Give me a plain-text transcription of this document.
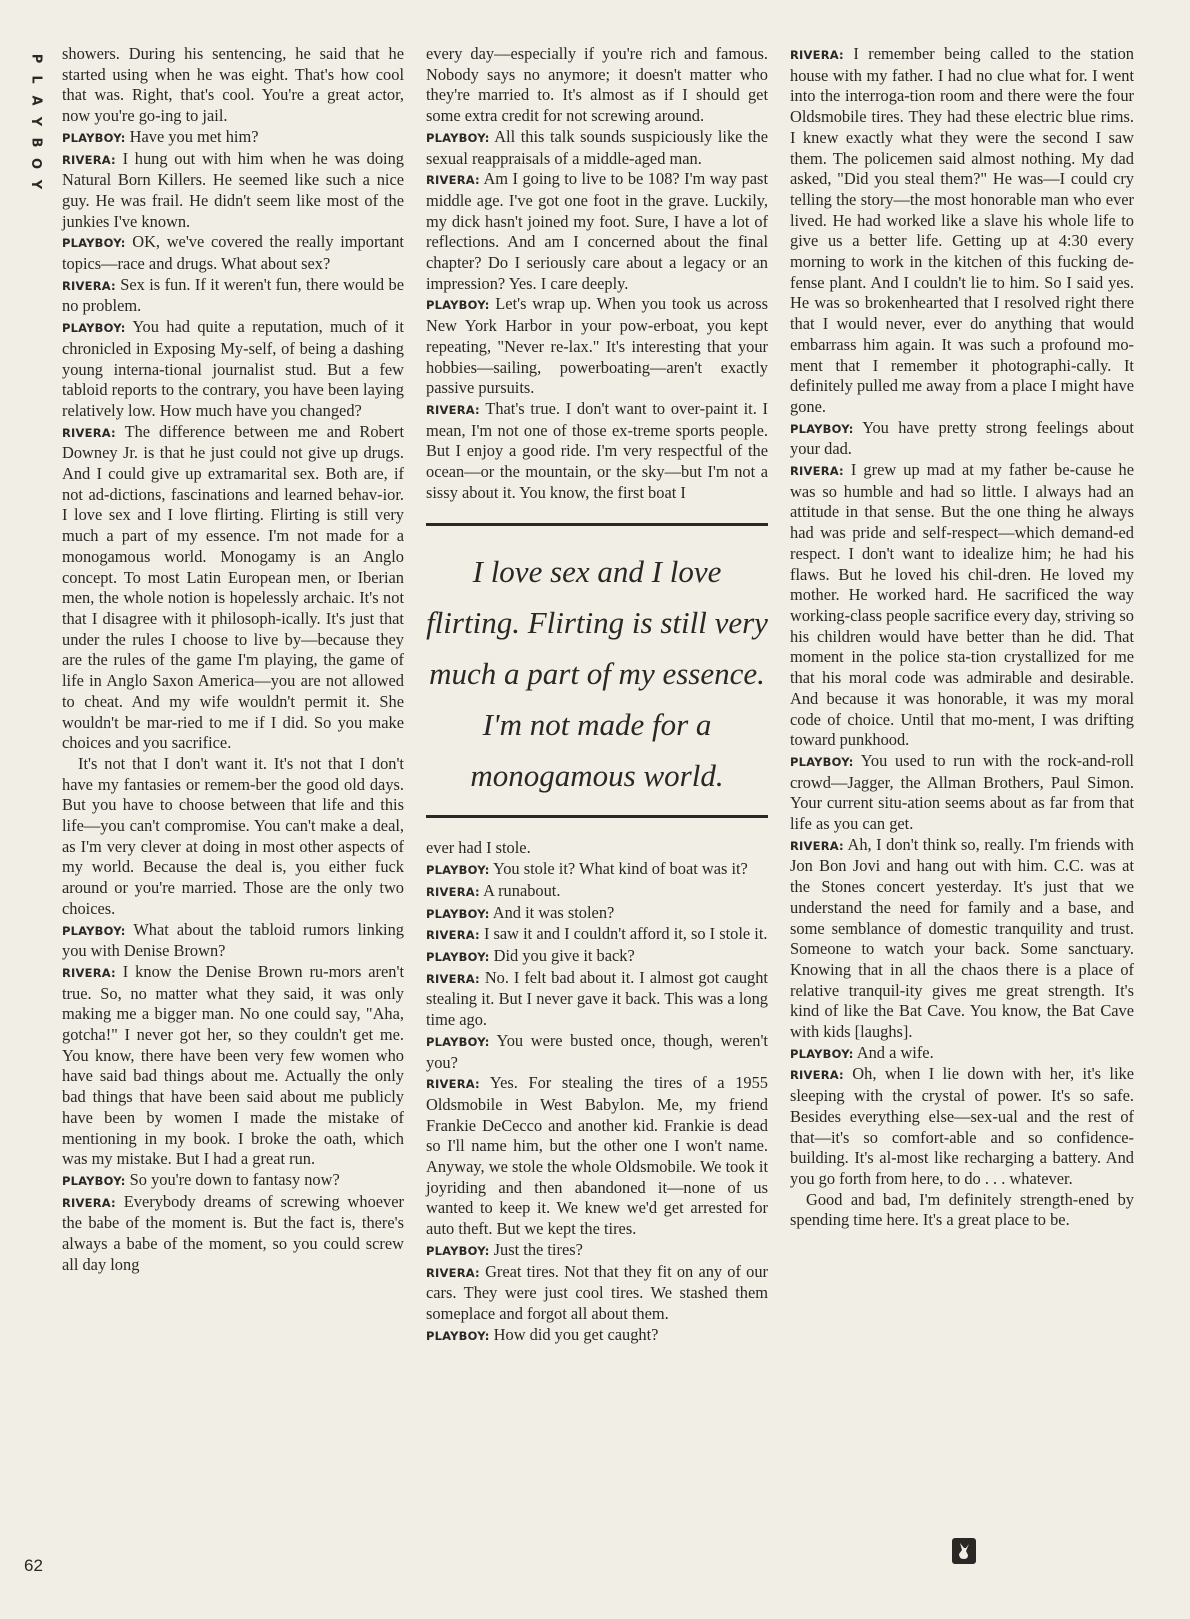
P
L
A
Y
B
O
Y

showers. During his sentencing, he said that he started using when he was eight. That's how cool that was. Right, that's cool. You're a great actor, now you're go-ing to jail.

PLAYBOY: Have you met him?

RIVERA: I hung out with him when he was doing Natural Born Killers. He seemed like such a nice guy. He was frail. He didn't seem like most of the junkies I've known.

PLAYBOY: OK, we've covered the really important topics—race and drugs. What about sex?

RIVERA: Sex is fun. If it weren't fun, there would be no problem.

PLAYBOY: You had quite a reputation, much of it chronicled in Exposing My-self, of being a dashing young interna-tional journalist stud. But a few tabloid reports to the contrary, you have been laying relatively low. How much have you changed?

RIVERA: The difference between me and Robert Downey Jr. is that he just could not give up drugs. And I could give up extramarital sex. Both are, if not ad-dictions, fascinations and learned behav-ior. I love sex and I love flirting. Flirting is still very much a part of my essence. I'm not made for a monogamous world. Monogamy is an Anglo concept. To most Latin European men, or Iberian men, the whole notion is hopelessly archaic. It's not that I disagree with it philosoph-ically. It's just that under the rules I choose to live by—because they are the rules of the game I'm playing, the game of life in Anglo Saxon America—you are not allowed to cheat. And my wife wouldn't permit it. She wouldn't be mar-ried to me if I did. So you make choices and you sacrifice.

It's not that I don't want it. It's not that I don't have my fantasies or remem-ber the good old days. But you have to choose between that life and this life—you can't compromise. You can't make a deal, as I'm very clever at doing in most other aspects of my world. Because the deal is, you either fuck around or you're married. Those are the only two choices.

PLAYBOY: What about the tabloid rumors linking you with Denise Brown?

RIVERA: I know the Denise Brown ru-mors aren't true. So, no matter what they said, it was only making me a bigger man. No one could say, "Aha, gotcha!" I never got her, so they couldn't get me. You know, there have been very few women who have said bad things about me. Actually the only bad things that have been said about me publicly have been by women I made the mistake of mentioning in my book. I broke the oath, which was my mistake. But I had a great run.

PLAYBOY: So you're down to fantasy now?

RIVERA: Everybody dreams of screwing whoever the babe of the moment is. But the fact is, there's always a babe of the moment, so you could screw all day long

every day—especially if you're rich and famous. Nobody says no anymore; it doesn't matter who they're married to. It's almost as if I should get some extra credit for not screwing around.

PLAYBOY: All this talk sounds suspiciously like the sexual reappraisals of a middle-aged man.

RIVERA: Am I going to live to be 108? I'm way past middle age. I've got one foot in the grave. Luckily, my dick hasn't joined my foot. Sure, I have a lot of reflections. And am I concerned about the final chapter? Do I seriously care about a legacy or an impression? Yes. I care deeply.

PLAYBOY: Let's wrap up. When you took us across New York Harbor in your pow-erboat, you kept repeating, "Never re-lax." It's interesting that your hobbies—sailing, powerboating—aren't exactly passive pursuits.

RIVERA: That's true. I don't want to over-paint it. I mean, I'm not one of those ex-treme sports people. But I enjoy a good ride. I'm very respectful of the ocean—or the mountain, or the sky—but I'm not a sissy about it. You know, the first boat I

I love sex and I love
flirting. Flirting is still very
much a part of my essence.
I'm not made for a
monogamous world.

ever had I stole.

PLAYBOY: You stole it? What kind of boat was it?

RIVERA: A runabout.

PLAYBOY: And it was stolen?

RIVERA: I saw it and I couldn't afford it, so I stole it.

PLAYBOY: Did you give it back?

RIVERA: No. I felt bad about it. I almost got caught stealing it. But I never gave it back. This was a long time ago.

PLAYBOY: You were busted once, though, weren't you?

RIVERA: Yes. For stealing the tires of a 1955 Oldsmobile in West Babylon. Me, my friend Frankie DeCecco and another kid. Frankie is dead so I'll name him, but the other one I won't name. Anyway, we stole the whole Oldsmobile. We took it joyriding and then abandoned it—none of us wanted to keep it. We knew we'd get arrested for auto theft. But we kept the tires.

PLAYBOY: Just the tires?

RIVERA: Great tires. Not that they fit on any of our cars. They were just cool tires. We stashed them someplace and forgot all about them.

PLAYBOY: How did you get caught?

RIVERA: I remember being called to the station house with my father. I had no clue what for. I went into the interroga-tion room and there were the four Oldsmobile tires. They had these electric blue rims. I knew exactly what they were the second I saw them. The policemen said almost nothing. My dad asked, "Did you steal them?" He was—I could cry telling the story—the most honorable man who ever lived. He had worked like a slave his whole life to give us a better life. Getting up at 4:30 every morning to work in the kitchen of this fucking de-fense plant. And I couldn't lie to him. So I said yes. He was so brokenhearted that I resolved right there that I would never, ever do anything that would embarrass him again. It was such a profound mo-ment that I remember it photographi-cally. It definitely pulled me away from a place I might have gone.

PLAYBOY: You have pretty strong feelings about your dad.

RIVERA: I grew up mad at my father be-cause he was so humble and had so little. I always had an attitude in that sense. But the one thing he always had was pride and self-respect—which demand-ed respect. I don't want to idealize him; he had his flaws. But he loved his chil-dren. He loved my mother. He worked hard. He sacrificed the way working-class people sacrifice every day, striving so his children would have better than he did. That moment in the police sta-tion crystallized for me that his moral code was admirable and desirable. And because it was honorable, it was my moral code of choice. Until that mo-ment, I was drifting toward punkhood.

PLAYBOY: You used to run with the rock-and-roll crowd—Jagger, the Allman Brothers, Paul Simon. Your current situ-ation seems about as far from that life as you can get.

RIVERA: Ah, I don't think so, really. I'm friends with Jon Bon Jovi and hang out with him. C.C. was at the Stones concert yesterday. It's just that we understand the need for family and a base, and some semblance of domestic tranquility and trust. Someone to watch your back. Some sanctuary. Knowing that in all the chaos there is a place of relative tranquil-ity gives me great strength. It's kind of like the Bat Cave. You know, the Bat Cave with kids [laughs].

PLAYBOY: And a wife.

RIVERA: Oh, when I lie down with her, it's like sleeping with the crystal of power. It's so safe. Besides everything else—sex-ual and the rest of that—it's so comfort-able and so confidence-building. It's al-most like recharging a battery. And you go forth from here, to do . . . whatever.

Good and bad, I'm definitely strength-ened by spending time here. It's a great place to be.

62
